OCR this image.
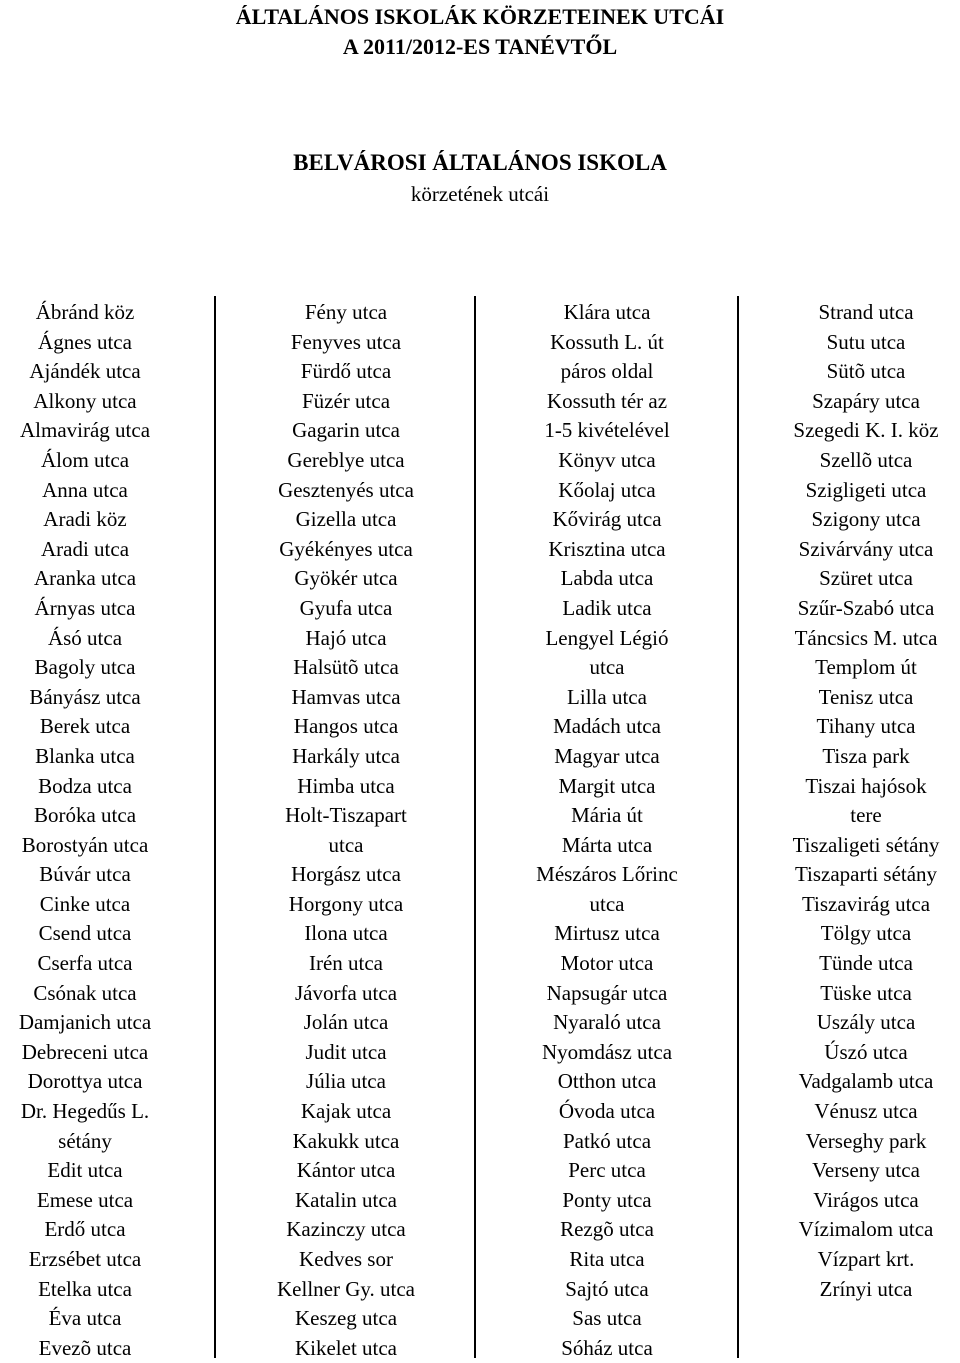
ÁLTALÁNOS ISKOLÁK KÖRZETEINEK UTCÁI
A 2011/2012-ES TANÉVTŐL
BELVÁROSI ÁLTALÁNOS ISKOLA
körzetének utcái
Ábránd köz
Ágnes utca
Ajándék utca
Alkony utca
Almavirág utca
Álom utca
Anna utca
Aradi köz
Aradi utca
Aranka utca
Árnyas utca
Ásó utca
Bagoly utca
Bányász utca
Berek utca
Blanka utca
Bodza utca
Boróka utca
Borostyán utca
Búvár utca
Cinke utca
Csend utca
Cserfa utca
Csónak utca
Damjanich utca
Debreceni utca
Dorottya utca
Dr. Hegedűs L.
sétány
Edit utca
Emese utca
Erdő utca
Erzsébet utca
Etelka utca
Éva utca
Evezõ utca
Fény utca
Fenyves utca
Fürdő utca
Füzér utca
Gagarin utca
Gereblye utca
Gesztenyés utca
Gizella utca
Gyékényes utca
Gyökér utca
Gyufa utca
Hajó utca
Halsütõ utca
Hamvas utca
Hangos utca
Harkály utca
Himba utca
Holt-Tiszapart
utca
Horgász utca
Horgony utca
Ilona utca
Irén utca
Jávorfa utca
Jolán utca
Judit utca
Júlia utca
Kajak utca
Kakukk utca
Kántor utca
Katalin utca
Kazinczy utca
Kedves sor
Kellner Gy. utca
Keszeg utca
Kikelet utca
Klára utca
Kossuth L. út
páros oldal
Kossuth tér az
1-5 kivételével
Könyv utca
Kőolaj utca
Kővirág utca
Krisztina utca
Labda utca
Ladik utca
Lengyel Légió
utca
Lilla utca
Madách utca
Magyar utca
Margit utca
Mária út
Márta utca
Mészáros Lőrinc
utca
Mirtusz utca
Motor utca
Napsugár utca
Nyaraló utca
Nyomdász utca
Otthon utca
Óvoda utca
Patkó utca
Perc utca
Ponty utca
Rezgõ utca
Rita utca
Sajtó utca
Sas utca
Sóház utca
Strand utca
Sutu utca
Sütõ utca
Szapáry utca
Szegedi K. I. köz
Szellõ utca
Szigligeti utca
Szigony utca
Szivárvány utca
Szüret utca
Szűr-Szabó utca
Táncsics M. utca
Templom út
Tenisz utca
Tihany utca
Tisza park
Tiszai hajósok
tere
Tiszaligeti sétány
Tiszaparti sétány
Tiszavirág utca
Tölgy utca
Tünde utca
Tüske utca
Uszály utca
Úszó utca
Vadgalamb utca
Vénusz utca
Verseghy park
Verseny utca
Virágos utca
Vízimalom utca
Vízpart krt.
Zrínyi utca
